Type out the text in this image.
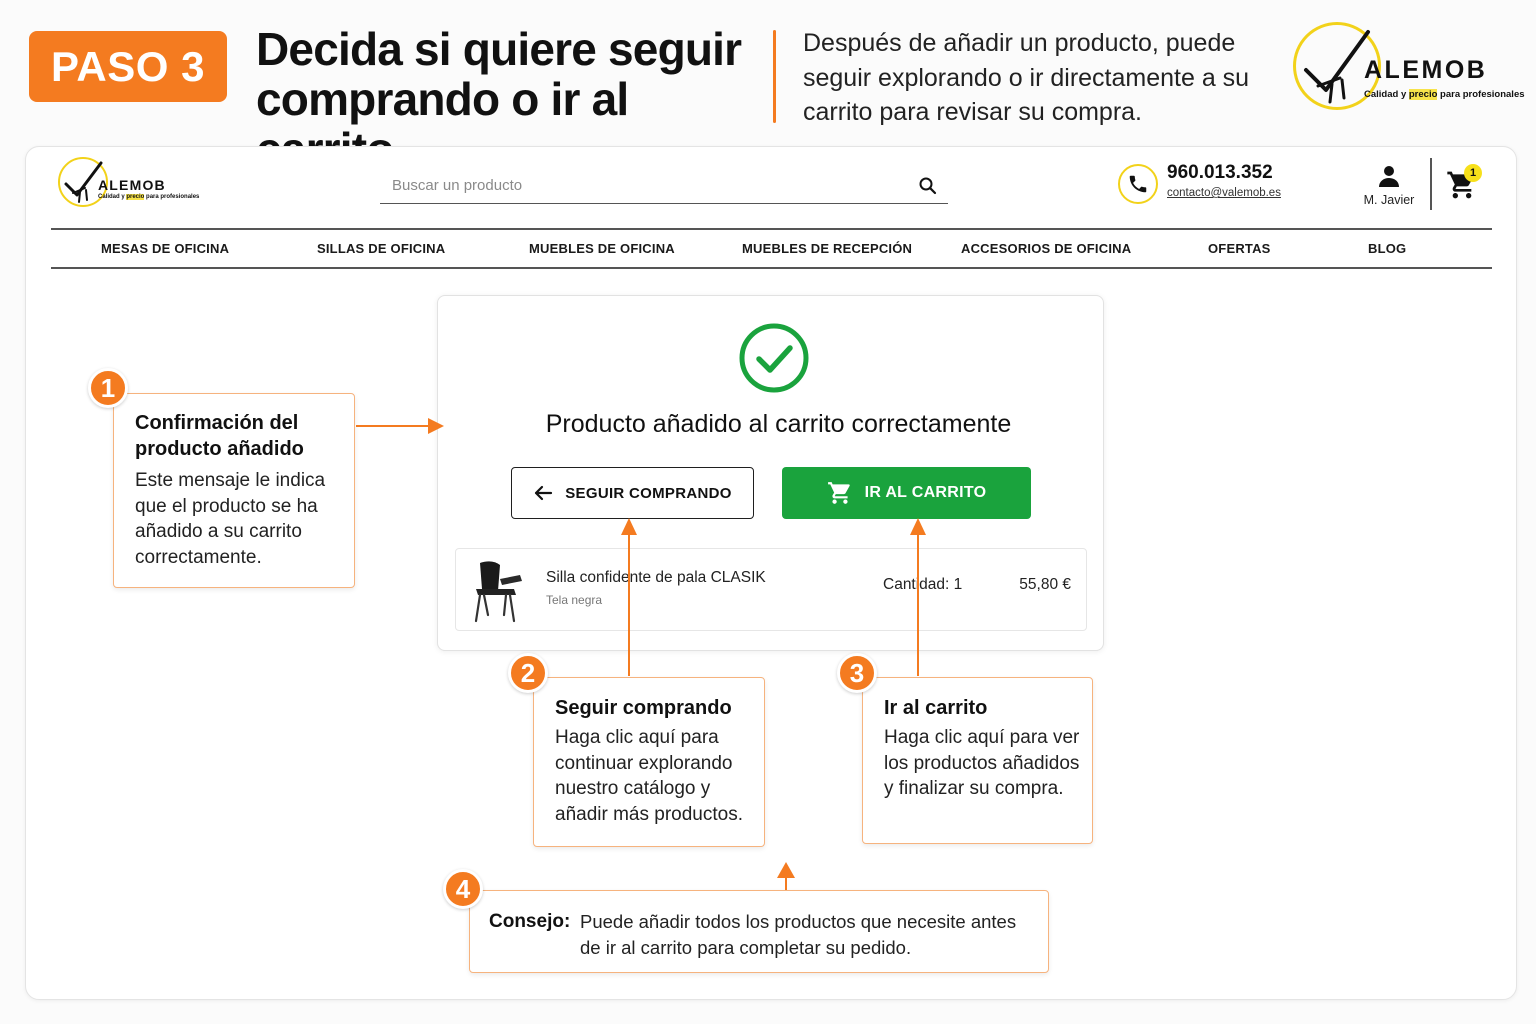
PASO 3 Decida si quiere seguir
comprando o ir al
Después de añadir un producto, puede
seguir explorando o ir directamente a su
carrito para revisar su compra.
ALEMOB
Calidad y precio para profesionales
ALEMOB
Calidad y precio para profesionales
Buscar un producto
960.013.352
contacto@valemob.es	M. Javier
1
MESAS DE OFICINA	SILLAS DE OFICINA	MUEBLES DE OFICINA	MUEBLES DE RECEPCIÓN	ACCESORIOS DE OFICINA	OFERTAS	BLOG
Producto añadido al carrito correctamente
SEGUIR COMPRANDO	IR AL CARRITO
Silla confidente de pala CLASIK
Tela negra
Cantidad: 1	55,80 €
Confirmación del
producto añadido
Este mensaje le indica
que el producto se ha
añadido a su carrito
correctamente.
1
Seguir comprando
Haga clic aquí para
continuar explorando
nuestro catálogo y
añadir más productos.
2
Ir al carrito
Haga clic aquí para ver
los productos añadidos
y finalizar su compra.
3
Consejo: Puede añadir todos los productos que necesite antes
de ir al carrito para completar su pedido.
4
